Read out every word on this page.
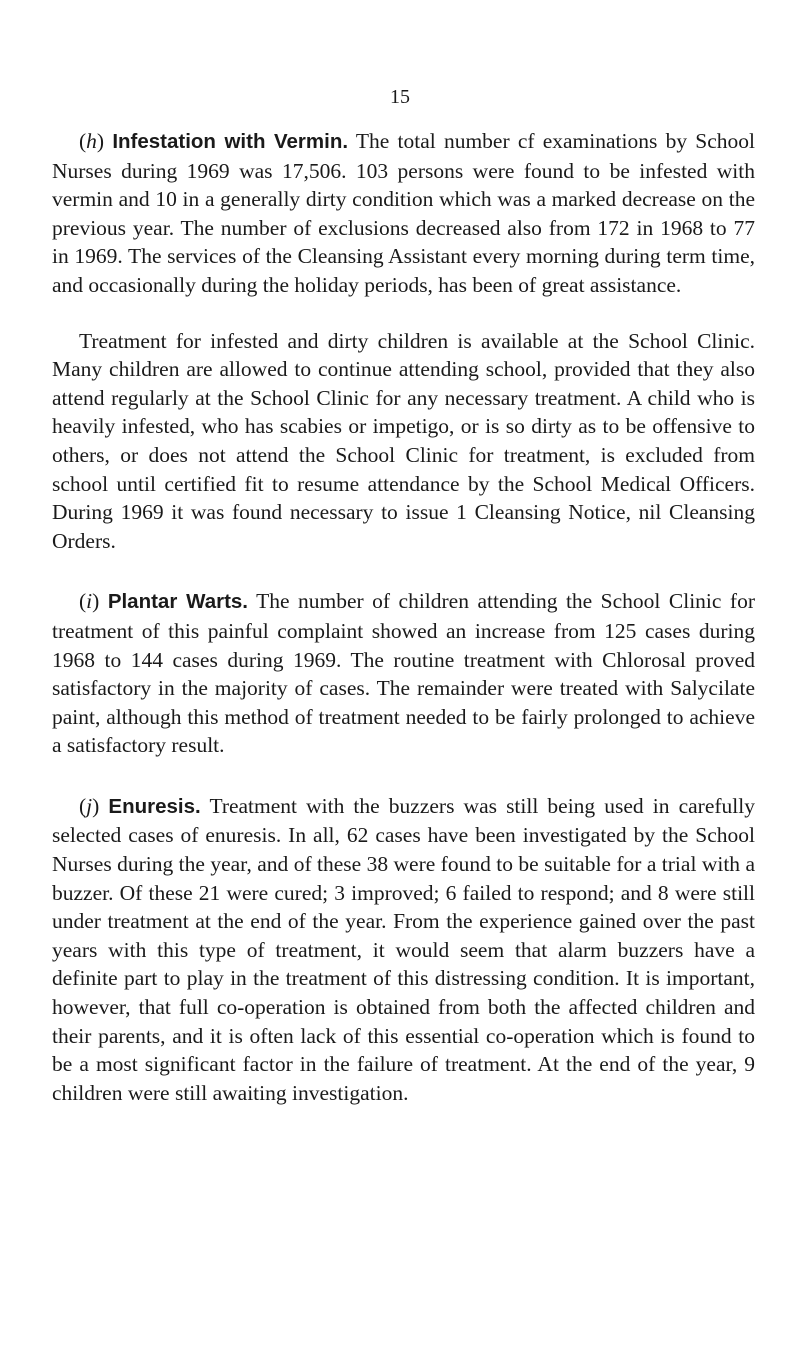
15

(h) Infestation with Vermin. The total number cf examinations by School Nurses during 1969 was 17,506. 103 persons were found to be infested with vermin and 10 in a generally dirty condition which was a marked decrease on the previous year. The number of exclusions decreased also from 172 in 1968 to 77 in 1969. The services of the Cleansing Assistant every morning during term time, and occasionally during the holiday periods, has been of great assistance.

Treatment for infested and dirty children is available at the School Clinic. Many children are allowed to continue attending school, provided that they also attend regularly at the School Clinic for any necessary treatment. A child who is heavily infested, who has scabies or impetigo, or is so dirty as to be offensive to others, or does not attend the School Clinic for treatment, is excluded from school until certified fit to resume attendance by the School Medical Officers. During 1969 it was found necessary to issue 1 Cleansing Notice, nil Cleansing Orders.

(i) Plantar Warts. The number of children attending the School Clinic for treatment of this painful complaint showed an increase from 125 cases during 1968 to 144 cases during 1969. The routine treatment with Chlorosal proved satisfactory in the majority of cases. The remainder were treated with Salycilate paint, although this method of treatment needed to be fairly prolonged to achieve a satisfactory result.

(j) Enuresis. Treatment with the buzzers was still being used in carefully selected cases of enuresis. In all, 62 cases have been investigated by the School Nurses during the year, and of these 38 were found to be suitable for a trial with a buzzer. Of these 21 were cured; 3 improved; 6 failed to respond; and 8 were still under treatment at the end of the year. From the experience gained over the past years with this type of treatment, it would seem that alarm buzzers have a definite part to play in the treatment of this distressing condition. It is important, however, that full co-operation is obtained from both the affected children and their parents, and it is often lack of this essential co-operation which is found to be a most significant factor in the failure of treatment. At the end of the year, 9 children were still awaiting investigation.
